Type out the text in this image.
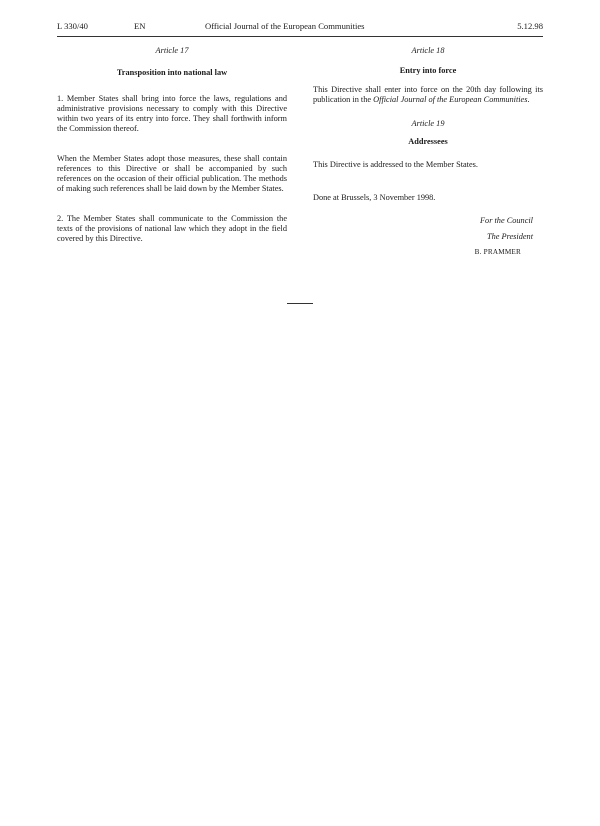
L 330/40	EN	Official Journal of the European Communities	5.12.98

Article 17

Transposition into national law

1. Member States shall bring into force the laws, regulations and administrative provisions necessary to comply with this Directive within two years of its entry into force. They shall forthwith inform the Commission thereof.

When the Member States adopt those measures, these shall contain references to this Directive or shall be accompanied by such references on the occasion of their official publication. The methods of making such references shall be laid down by the Member States.

2. The Member States shall communicate to the Commission the texts of the provisions of national law which they adopt in the field covered by this Directive.

Article 18

Entry into force

This Directive shall enter into force on the 20th day following its publication in the Official Journal of the European Communities.

Article 19

Addressees

This Directive is addressed to the Member States.

Done at Brussels, 3 November 1998.

For the Council

The President

B. PRAMMER
